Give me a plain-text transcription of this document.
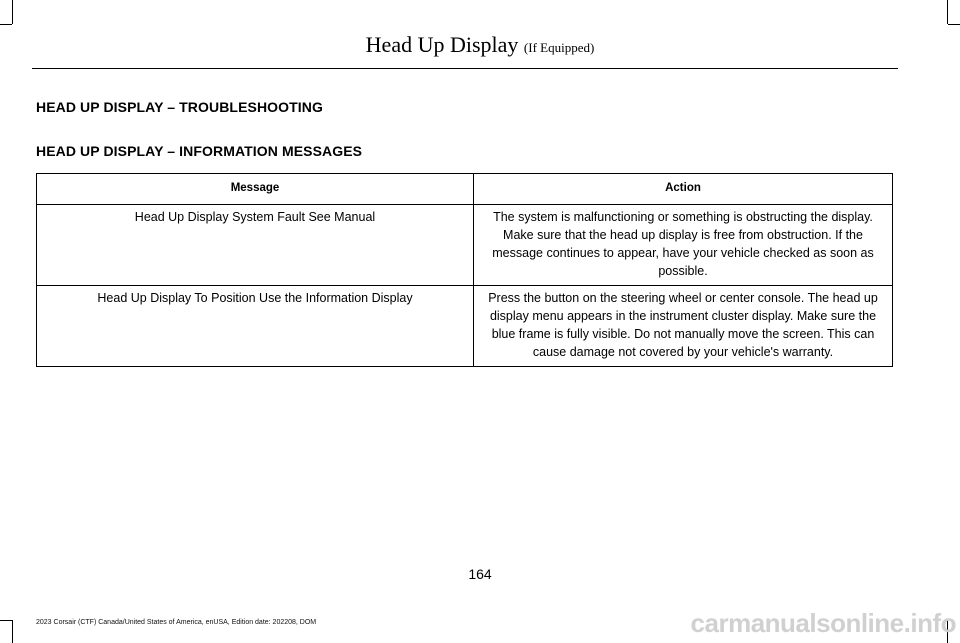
Head Up Display (If Equipped)
HEAD UP DISPLAY – TROUBLESHOOTING
HEAD UP DISPLAY – INFORMATION MESSAGES
Message	Action
Head Up Display System Fault See Manual	The system is malfunctioning or something is obstructing the display. Make sure that the head up display is free from obstruction. If the message continues to appear, have your vehicle checked as soon as possible.
Head Up Display To Position Use the Information Display	Press the button on the steering wheel or center console. The head up display menu appears in the instrument cluster display. Make sure the blue frame is fully visible. Do not manually move the screen. This can cause damage not covered by your vehicle's warranty.
164
2023 Corsair (CTF) Canada/United States of America, enUSA, Edition date: 202208, DOM	carmanualsonline.info
